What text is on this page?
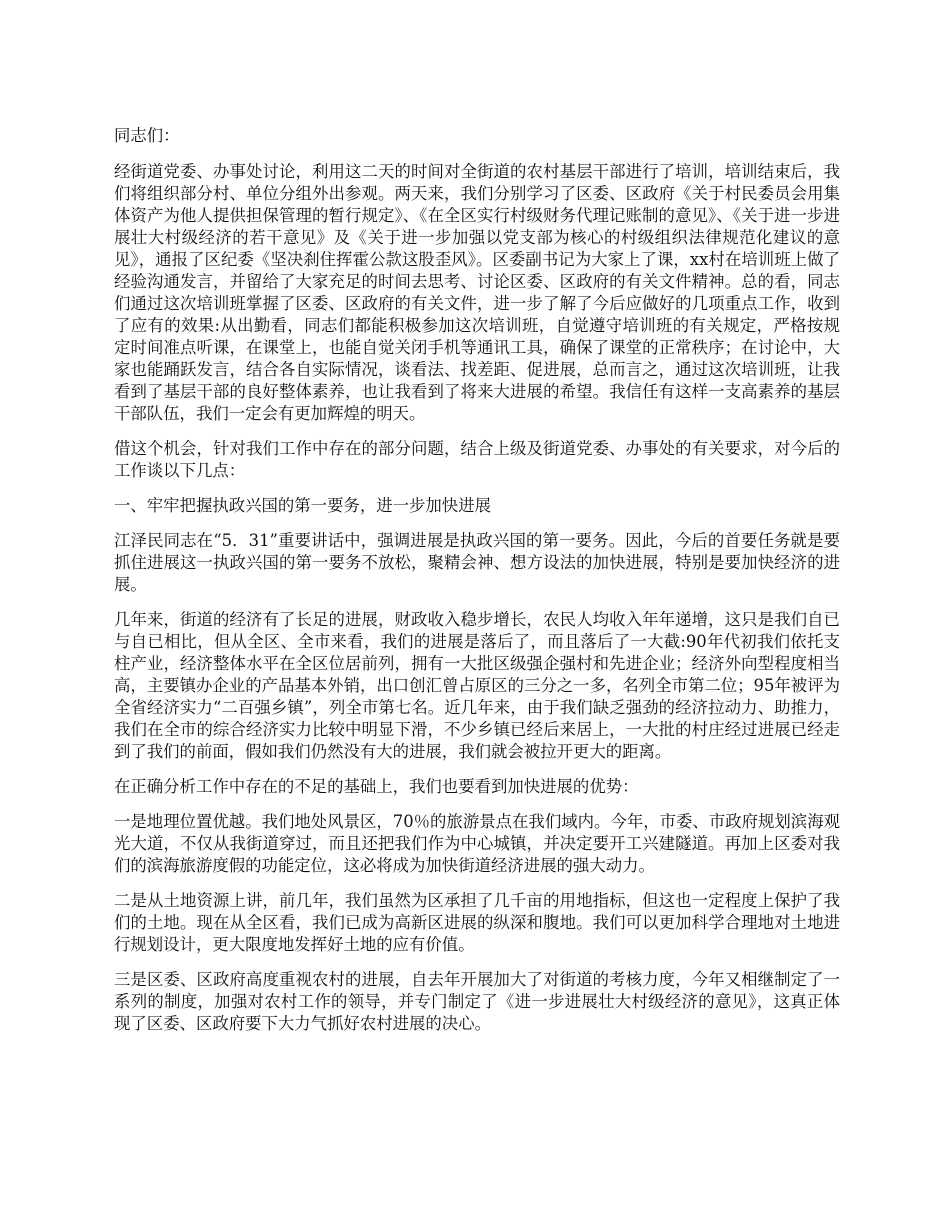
同志们：

经街道党委、办事处讨论，利用这二天的时间对全街道的农村基层干部进行了培训，培训结束后，我们将组织部分村、单位分组外出参观。两天来，我们分别学习了区委、区政府《关于村民委员会用集体资产为他人提供担保管理的暂行规定》、《在全区实行村级财务代理记账制的意见》、《关于进一步进展壮大村级经济的若干意见》及《关于进一步加强以党支部为核心的村级组织法律规范化建议的意见》，通报了区纪委《坚决刹住挥霍公款这股歪风》。区委副书记为大家上了课，xx村在培训班上做了经验沟通发言，并留给了大家充足的时间去思考、讨论区委、区政府的有关文件精神。总的看，同志们通过这次培训班掌握了区委、区政府的有关文件，进一步了解了今后应做好的几项重点工作，收到了应有的效果:从出勤看，同志们都能积极参加这次培训班，自觉遵守培训班的有关规定，严格按规定时间准点听课，在课堂上，也能自觉关闭手机等通讯工具，确保了课堂的正常秩序；在讨论中，大家也能踊跃发言，结合各自实际情况，谈看法、找差距、促进展，总而言之，通过这次培训班，让我看到了基层干部的良好整体素养，也让我看到了将来大进展的希望。我信任有这样一支高素养的基层干部队伍，我们一定会有更加辉煌的明天。

借这个机会，针对我们工作中存在的部分问题，结合上级及街道党委、办事处的有关要求，对今后的工作谈以下几点：

一、牢牢把握执政兴国的第一要务，进一步加快进展

江泽民同志在“5．31”重要讲话中，强调进展是执政兴国的第一要务。因此，今后的首要任务就是要抓住进展这一执政兴国的第一要务不放松，聚精会神、想方设法的加快进展，特别是要加快经济的进展。

几年来，街道的经济有了长足的进展，财政收入稳步增长，农民人均收入年年递增，这只是我们自已与自已相比，但从全区、全市来看，我们的进展是落后了，而且落后了一大截:90年代初我们依托支柱产业，经济整体水平在全区位居前列，拥有一大批区级强企强村和先进企业；经济外向型程度相当高，主要镇办企业的产品基本外销，出口创汇曾占原区的三分之一多，名列全市第二位；95年被评为全省经济实力“二百强乡镇”，列全市第七名。近几年来，由于我们缺乏强劲的经济拉动力、助推力，我们在全市的综合经济实力比较中明显下滑，不少乡镇已经后来居上，一大批的村庄经过进展已经走到了我们的前面，假如我们仍然没有大的进展，我们就会被拉开更大的距离。

在正确分析工作中存在的不足的基础上，我们也要看到加快进展的优势：

一是地理位置优越。我们地处风景区，70％的旅游景点在我们域内。今年，市委、市政府规划滨海观光大道，不仅从我街道穿过，而且还把我们作为中心城镇，并决定要开工兴建隧道。再加上区委对我们的滨海旅游度假的功能定位，这必将成为加快街道经济进展的强大动力。

二是从土地资源上讲，前几年，我们虽然为区承担了几千亩的用地指标，但这也一定程度上保护了我们的土地。现在从全区看，我们已成为高新区进展的纵深和腹地。我们可以更加科学合理地对土地进行规划设计，更大限度地发挥好土地的应有价值。

三是区委、区政府高度重视农村的进展，自去年开展加大了对街道的考核力度，今年又相继制定了一系列的制度，加强对农村工作的领导，并专门制定了《进一步进展壮大村级经济的意见》，这真正体现了区委、区政府要下大力气抓好农村进展的决心。
